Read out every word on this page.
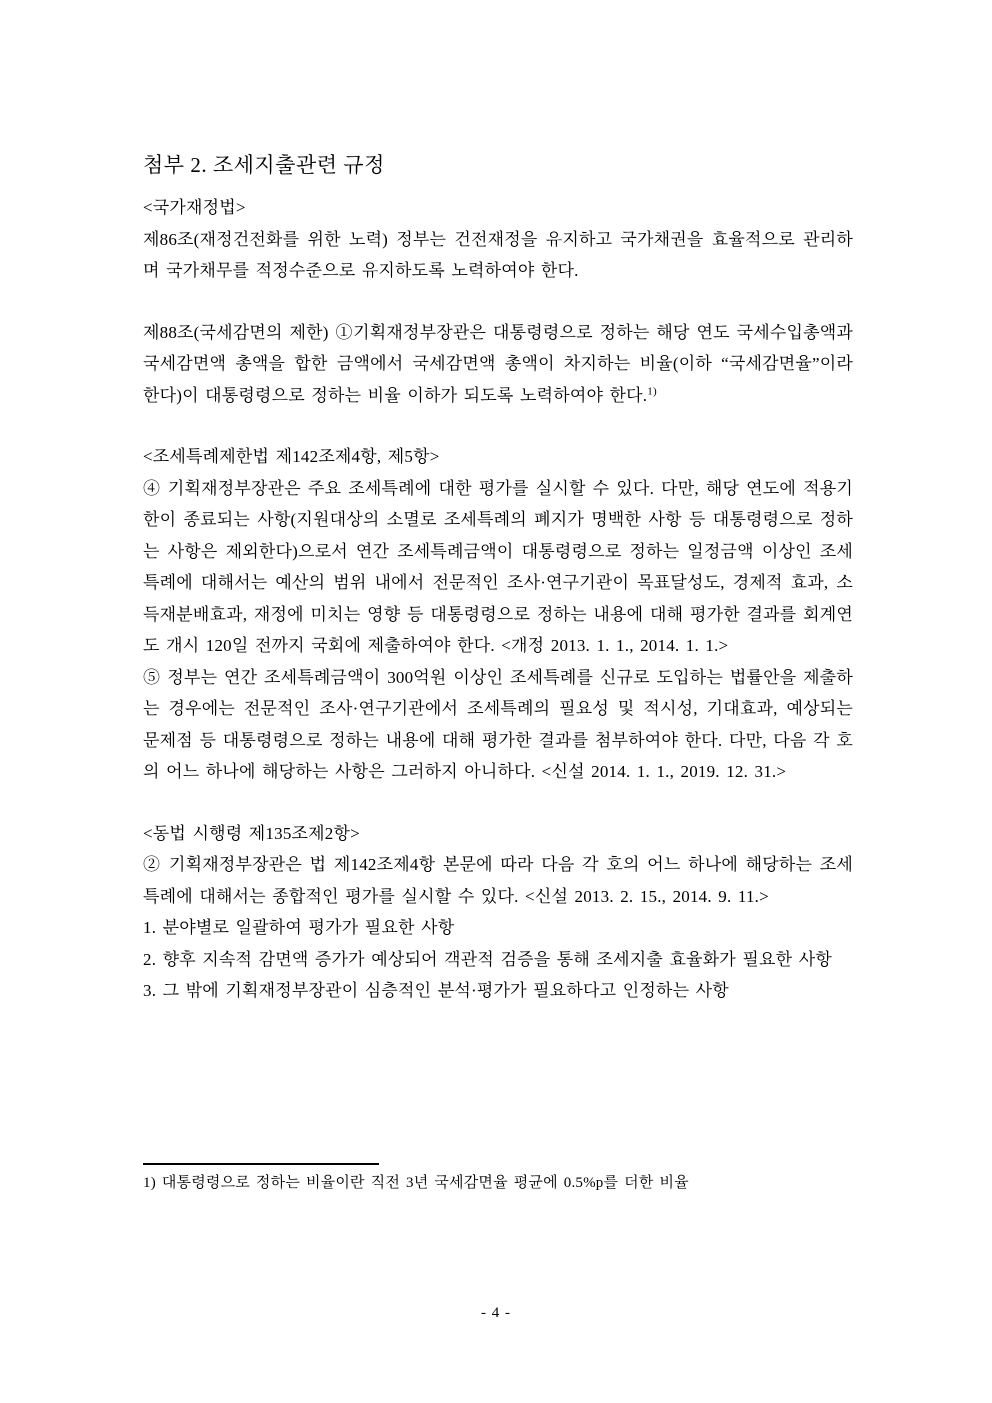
첨부 2. 조세지출관련 규정
<국가재정법>

제86조(재정건전화를 위한 노력) 정부는 건전재정을 유지하고 국가채권을 효율적으로 관리하며 국가채무를 적정수준으로 유지하도록 노력하여야 한다.

제88조(국세감면의 제한) ①기획재정부장관은 대통령령으로 정하는 해당 연도 국세수입총액과 국세감면액 총액을 합한 금액에서 국세감면액 총액이 차지하는 비율(이하 “국세감면율”이라 한다)이 대통령령으로 정하는 비율 이하가 되도록 노력하여야 한다.$^{1)}$

<조세특례제한법 제142조제4항, 제5항>

④ 기획재정부장관은 주요 조세특례에 대한 평가를 실시할 수 있다. 다만, 해당 연도에 적용기한이 종료되는 사항(지원대상의 소멸로 조세특례의 폐지가 명백한 사항 등 대통령령으로 정하는 사항은 제외한다)으로서 연간 조세특례금액이 대통령령으로 정하는 일정금액 이상인 조세특례에 대해서는 예산의 범위 내에서 전문적인 조사·연구기관이 목표달성도, 경제적 효과, 소득재분배효과, 재정에 미치는 영향 등 대통령령으로 정하는 내용에 대해 평가한 결과를 회계연도 개시 120일 전까지 국회에 제출하여야 한다. <개정 2013. 1. 1., 2014. 1. 1.>

⑤ 정부는 연간 조세특례금액이 300억원 이상인 조세특례를 신규로 도입하는 법률안을 제출하는 경우에는 전문적인 조사·연구기관에서 조세특례의 필요성 및 적시성, 기대효과, 예상되는 문제점 등 대통령령으로 정하는 내용에 대해 평가한 결과를 첨부하여야 한다. 다만, 다음 각 호의 어느 하나에 해당하는 사항은 그러하지 아니하다. <신설 2014. 1. 1., 2019. 12. 31.>

<동법 시행령 제135조제2항>

② 기획재정부장관은 법 제142조제4항 본문에 따라 다음 각 호의 어느 하나에 해당하는 조세특례에 대해서는 종합적인 평가를 실시할 수 있다. <신설 2013. 2. 15., 2014. 9. 11.>

1. 분야별로 일괄하여 평가가 필요한 사항

2. 향후 지속적 감면액 증가가 예상되어 객관적 검증을 통해 조세지출 효율화가 필요한 사항

3. 그 밖에 기획재정부장관이 심층적인 분석·평가가 필요하다고 인정하는 사항

1) 대통령령으로 정하는 비율이란 직전 3년 국세감면율 평균에 0.5%p를 더한 비율
- 4 -
